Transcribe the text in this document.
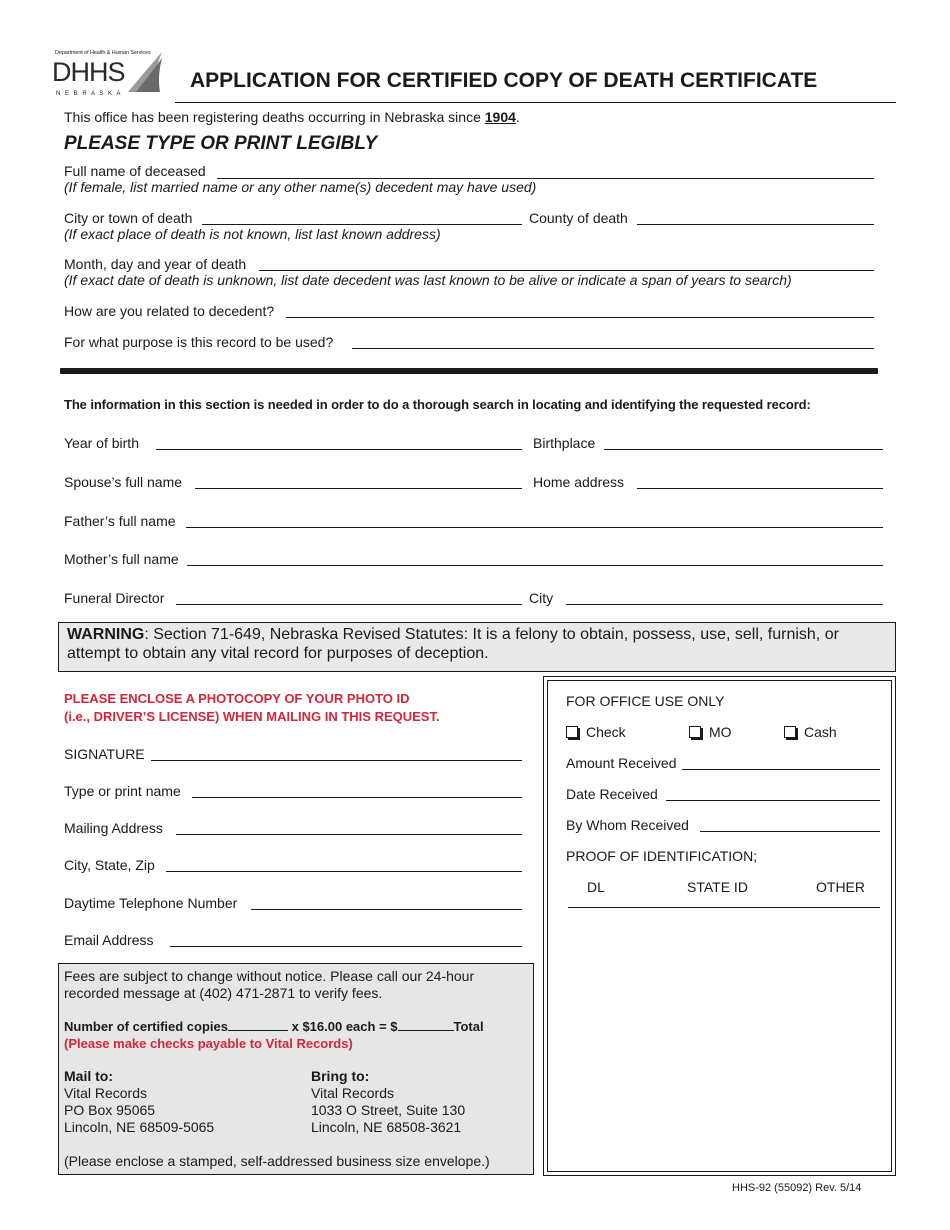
Department of Health & Human Services
DHHS
N E B R A S K A
APPLICATION FOR CERTIFIED COPY OF DEATH CERTIFICATE
This office has been registering deaths occurring in Nebraska since 1904.
PLEASE TYPE OR PRINT LEGIBLY
Full name of deceased
(If female, list married name or any other name(s) decedent may have used)
City or town of death	County of death
(If exact place of death is not known, list last known address)
Month, day and year of death
(If exact date of death is unknown, list date decedent was last known to be alive or indicate a span of years to search)
How are you related to decedent?
For what purpose is this record to be used?
The information in this section is needed in order to do a thorough search in locating and identifying the requested record:
Year of birth	Birthplace
Spouse’s full name	Home address
Father’s full name
Mother’s full name
Funeral Director	City
WARNING: Section 71-649, Nebraska Revised Statutes: It is a felony to obtain, possess, use, sell, furnish, or attempt to obtain any vital record for purposes of deception.
PLEASE ENCLOSE A PHOTOCOPY OF YOUR PHOTO ID
(i.e., DRIVER’S LICENSE) WHEN MAILING IN THIS REQUEST.
SIGNATURE
Type or print name
Mailing Address
City, State, Zip
Daytime Telephone Number
Email Address
Fees are subject to change without notice. Please call our 24-hour recorded message at (402) 471-2871 to verify fees.
Number of certified copies	x $16.00 each = $	Total
(Please make checks payable to Vital Records)
Mail to:
Vital Records
PO Box 95065
Lincoln, NE 68509-5065
Bring to:
Vital Records
1033 O Street, Suite 130
Lincoln, NE 68508-3621
(Please enclose a stamped, self-addressed business size envelope.)
FOR OFFICE USE ONLY
Check	MO	Cash
Amount Received
Date Received
By Whom Received
PROOF OF IDENTIFICATION;
DL	STATE ID	OTHER
HHS-92 (55092) Rev. 5/14
